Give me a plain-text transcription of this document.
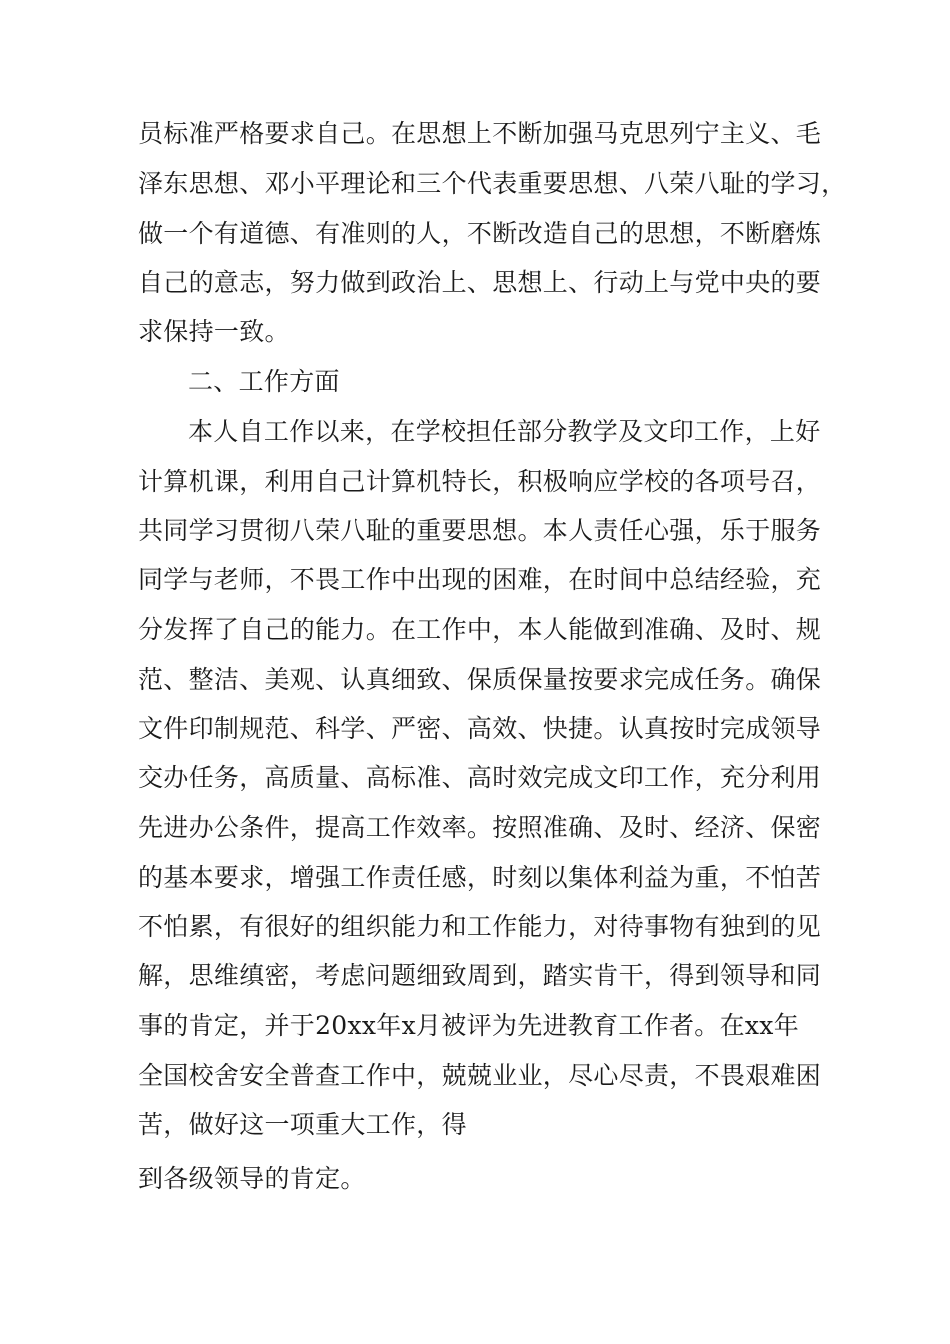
员标准严格要求自己。在思想上不断加强马克思列宁主义、毛
泽东思想、邓小平理论和三个代表重要思想、八荣八耻的学习，
做一个有道德、有准则的人，不断改造自己的思想，不断磨炼
自己的意志，努力做到政治上、思想上、行动上与党中央的要
求保持一致。
二、工作方面
本人自工作以来，在学校担任部分教学及文印工作，上好
计算机课，利用自己计算机特长，积极响应学校的各项号召，
共同学习贯彻八荣八耻的重要思想。本人责任心强，乐于服务
同学与老师，不畏工作中出现的困难，在时间中总结经验，充
分发挥了自己的能力。在工作中，本人能做到准确、及时、规
范、整洁、美观、认真细致、保质保量按要求完成任务。确保
文件印制规范、科学、严密、高效、快捷。认真按时完成领导
交办任务，高质量、高标准、高时效完成文印工作，充分利用
先进办公条件，提高工作效率。按照准确、及时、经济、保密
的基本要求，增强工作责任感，时刻以集体利益为重，不怕苦
不怕累，有很好的组织能力和工作能力，对待事物有独到的见
解，思维缜密，考虑问题细致周到，踏实肯干，得到领导和同
事的肯定，并于20xx年x月被评为先进教育工作者。在xx年
全国校舍安全普查工作中，兢兢业业，尽心尽责，不畏艰难困
苦，做好这一项重大工作，得
到各级领导的肯定。
